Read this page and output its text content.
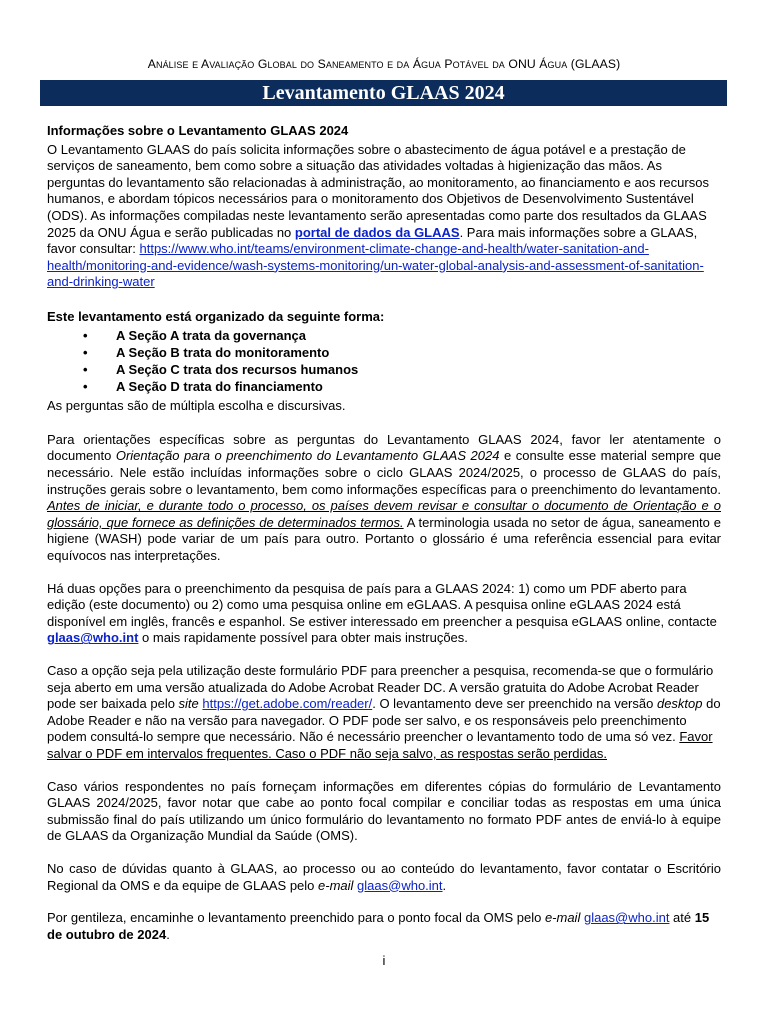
Análise e Avaliação Global do Saneamento e da Água Potável da ONU Água (GLAAS)
Levantamento GLAAS 2024

Informações sobre o Levantamento GLAAS 2024

O Levantamento GLAAS do país solicita informações sobre o abastecimento de água potável e a prestação de serviços de saneamento, bem como sobre a situação das atividades voltadas à higienização das mãos. As perguntas do levantamento são relacionadas à administração, ao monitoramento, ao financiamento e aos recursos humanos, e abordam tópicos necessários para o monitoramento dos Objetivos de Desenvolvimento Sustentável (ODS). As informações compiladas neste levantamento serão apresentadas como parte dos resultados da GLAAS 2025 da ONU Água e serão publicadas no portal de dados da GLAAS. Para mais informações sobre a GLAAS, favor consultar: https://www.who.int/teams/environment-climate-change-and-health/water-sanitation-and-health/monitoring-and-evidence/wash-systems-monitoring/un-water-global-analysis-and-assessment-of-sanitation-and-drinking-water

Este levantamento está organizado da seguinte forma:

• A Seção A trata da governança
• A Seção B trata do monitoramento
• A Seção C trata dos recursos humanos
• A Seção D trata do financiamento

As perguntas são de múltipla escolha e discursivas.

Para orientações específicas sobre as perguntas do Levantamento GLAAS 2024, favor ler atentamente o documento Orientação para o preenchimento do Levantamento GLAAS 2024 e consulte esse material sempre que necessário. Nele estão incluídas informações sobre o ciclo GLAAS 2024/2025, o processo de GLAAS do país, instruções gerais sobre o levantamento, bem como informações específicas para o preenchimento do levantamento. Antes de iniciar, e durante todo o processo, os países devem revisar e consultar o documento de Orientação e o glossário, que fornece as definições de determinados termos. A terminologia usada no setor de água, saneamento e higiene (WASH) pode variar de um país para outro. Portanto o glossário é uma referência essencial para evitar equívocos nas interpretações.

Há duas opções para o preenchimento da pesquisa de país para a GLAAS 2024: 1) como um PDF aberto para edição (este documento) ou 2) como uma pesquisa online em eGLAAS. A pesquisa online eGLAAS 2024 está disponível em inglês, francês e espanhol. Se estiver interessado em preencher a pesquisa eGLAAS online, contacte glaas@who.int o mais rapidamente possível para obter mais instruções.

Caso a opção seja pela utilização deste formulário PDF para preencher a pesquisa, recomenda-se que o formulário seja aberto em uma versão atualizada do Adobe Acrobat Reader DC. A versão gratuita do Adobe Acrobat Reader pode ser baixada pelo site https://get.adobe.com/reader/. O levantamento deve ser preenchido na versão desktop do Adobe Reader e não na versão para navegador. O PDF pode ser salvo, e os responsáveis pelo preenchimento podem consultá-lo sempre que necessário. Não é necessário preencher o levantamento todo de uma só vez. Favor salvar o PDF em intervalos frequentes. Caso o PDF não seja salvo, as respostas serão perdidas.

Caso vários respondentes no país forneçam informações em diferentes cópias do formulário de Levantamento GLAAS 2024/2025, favor notar que cabe ao ponto focal compilar e conciliar todas as respostas em uma única submissão final do país utilizando um único formulário do levantamento no formato PDF antes de enviá-lo à equipe de GLAAS da Organização Mundial da Saúde (OMS).

No caso de dúvidas quanto à GLAAS, ao processo ou ao conteúdo do levantamento, favor contatar o Escritório Regional da OMS e da equipe de GLAAS pelo e-mail glaas@who.int.

Por gentileza, encaminhe o levantamento preenchido para o ponto focal da OMS pelo e-mail glaas@who.int até 15 de outubro de 2024.

i
